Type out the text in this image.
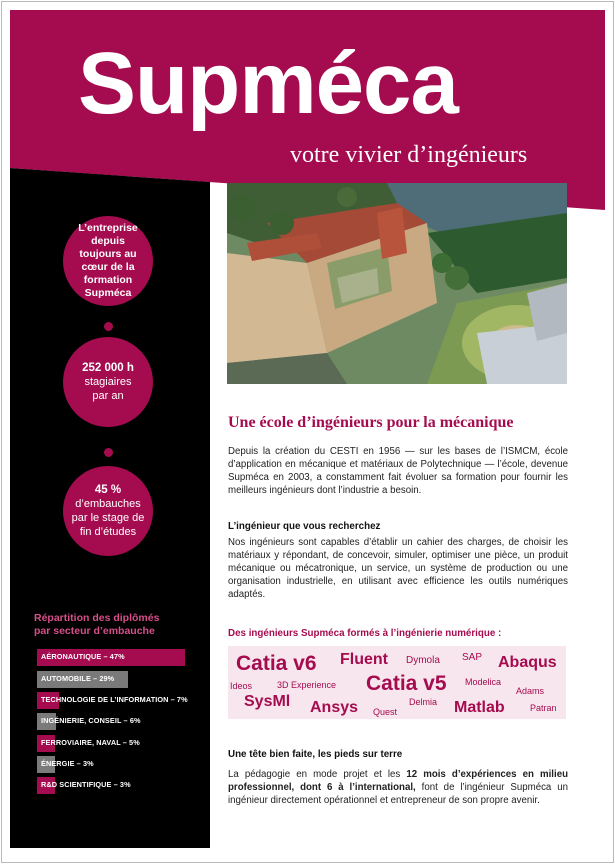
Supméca
votre vivier d’ingénieurs
L’entreprise depuis toujours au cœur de la formation Supméca
252 000 h
stagiaires
par an
45 %
d’embauches
par le stage de
fin d’études
Répartition des diplômés
par secteur d’embauche
AÉRONAUTIQUE – 47%
AUTOMOBILE – 29%
TECHNOLOGIE DE L’INFORMATION – 7%
INGÉNIERIE, CONSEIL – 6%
FERROVIAIRE, NAVAL – 5%
ÉNERGIE – 3%
R&D SCIENTIFIQUE – 3%
Une école d’ingénieurs pour la mécanique
Depuis la création du CESTI en 1956 — sur les bases de l’ISMCM, école d’application en mécanique et matériaux de Polytechnique — l’école, devenue Supméca en 2003, a constamment fait évoluer sa formation pour fournir les meilleurs ingénieurs dont l’industrie a besoin.
L’ingénieur que vous recherchez
Nos ingénieurs sont capables d’établir un cahier des charges, de choisir les matériaux y répondant, de concevoir, simuler, optimiser une pièce, un produit mécanique ou mécatronique, un service, un système de production ou une organisation industrielle, en utilisant avec efficience les outils numériques adaptés.
Des ingénieurs Supméca formés à l’ingénierie numérique :
Catia v6 Fluent Dymola SAP Abaqus
Ideos	3D Experience Catia v5 Modelica
Adams
SysMl Ansys Quest
Delmia Matlab	Patran
Une tête bien faite, les pieds sur terre
La pédagogie en mode projet et les 12 mois d’expériences en milieu professionnel, dont 6 à l’international, font de l’ingénieur Supméca un ingénieur directement opérationnel et entrepreneur de son propre avenir.
